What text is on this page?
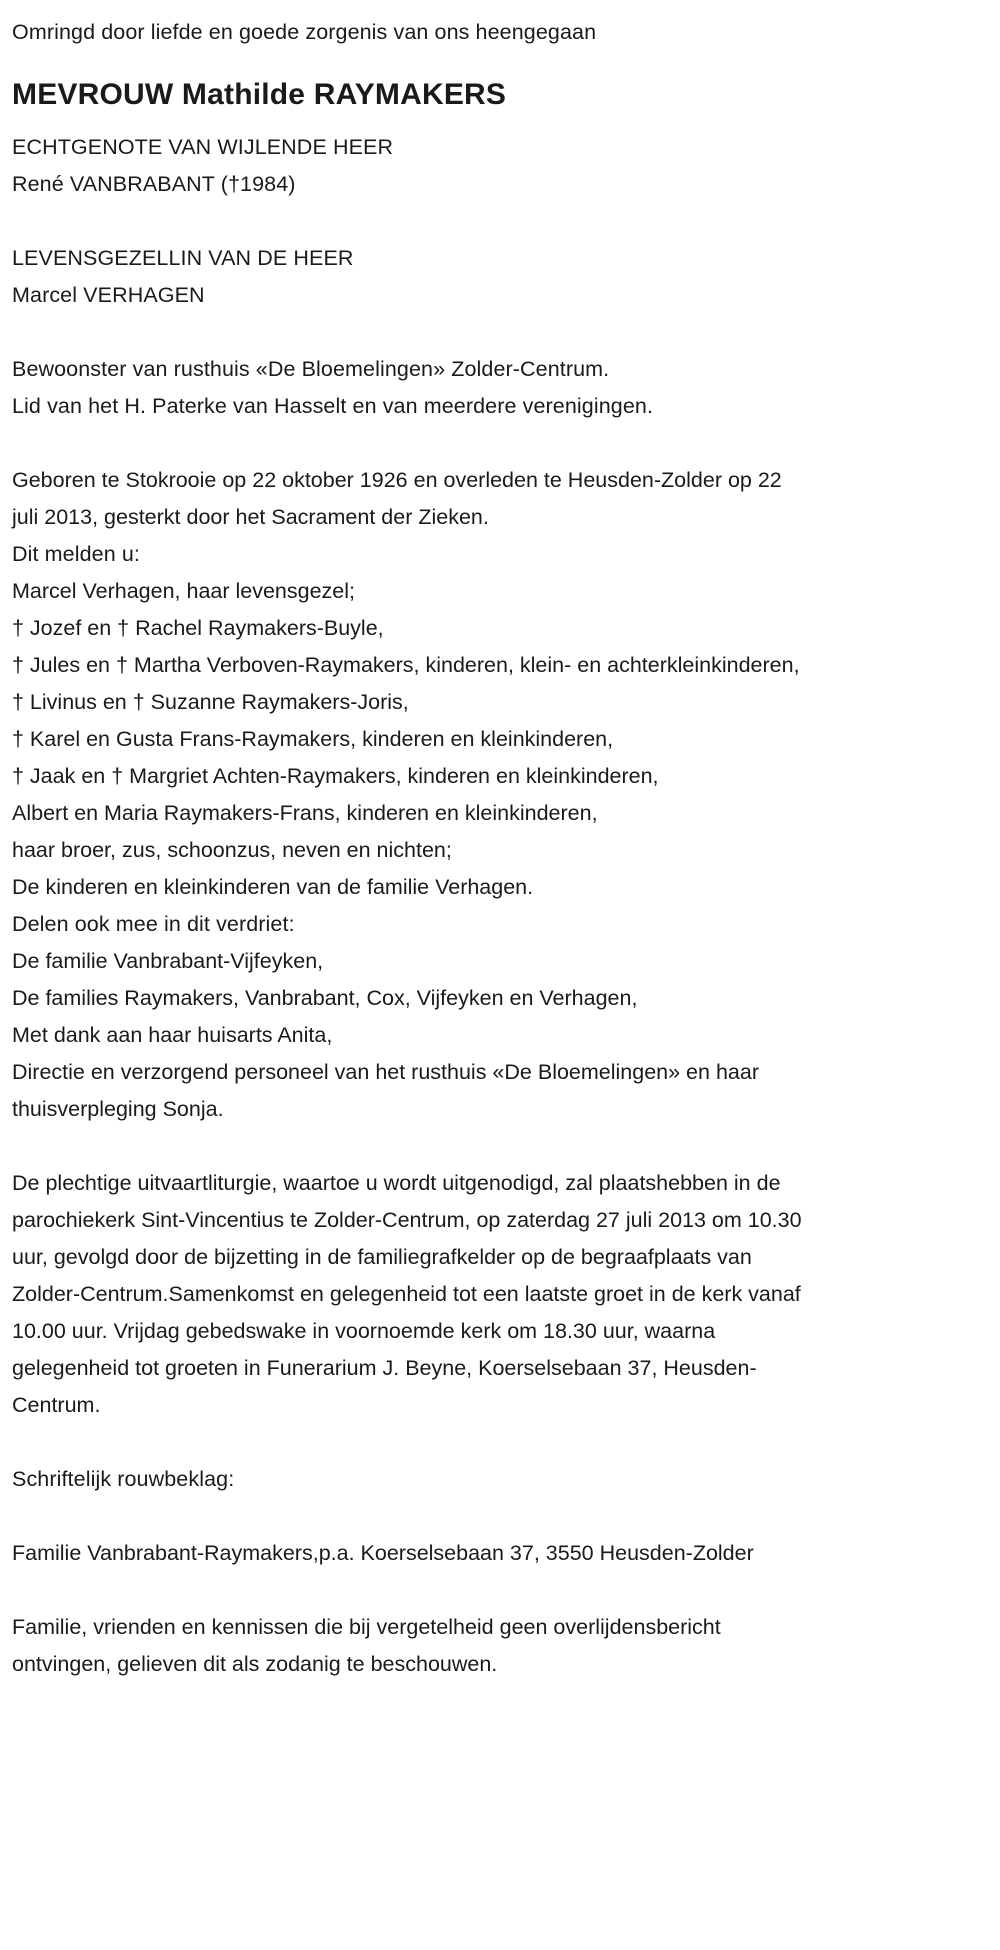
Omringd door liefde en goede zorgenis van ons heengegaan
MEVROUW Mathilde RAYMAKERS
ECHTGENOTE VAN WIJLENDE HEER
René VANBRABANT (†1984)
LEVENSGEZELLIN VAN DE HEER
Marcel VERHAGEN
Bewoonster van rusthuis «De Bloemelingen» Zolder-Centrum.
Lid van het H. Paterke van Hasselt en van meerdere verenigingen.
Geboren te Stokrooie op 22 oktober 1926 en overleden te Heusden-Zolder op 22 juli 2013, gesterkt door het Sacrament der Zieken.
Dit melden u:
Marcel Verhagen, haar levensgezel;
† Jozef en † Rachel Raymakers-Buyle,
† Jules en † Martha Verboven-Raymakers, kinderen, klein- en achterkleinkinderen,
† Livinus en † Suzanne Raymakers-Joris,
† Karel en Gusta Frans-Raymakers, kinderen en kleinkinderen,
† Jaak en † Margriet Achten-Raymakers, kinderen en kleinkinderen,
Albert en Maria Raymakers-Frans, kinderen en kleinkinderen,
haar broer, zus, schoonzus, neven en nichten;
De kinderen en kleinkinderen van de familie Verhagen.
Delen ook mee in dit verdriet:
De familie Vanbrabant-Vijfeyken,
De families Raymakers, Vanbrabant, Cox, Vijfeyken en Verhagen,
Met dank aan haar huisarts Anita,
Directie en verzorgend personeel van het rusthuis «De Bloemelingen» en haar thuisverpleging Sonja.
De plechtige uitvaartliturgie, waartoe u wordt uitgenodigd, zal plaatshebben in de parochiekerk Sint-Vincentius te Zolder-Centrum, op zaterdag 27 juli 2013 om 10.30 uur, gevolgd door de bijzetting in de familiegrafkelder op de begraafplaats van Zolder-Centrum.Samenkomst en gelegenheid tot een laatste groet in de kerk vanaf 10.00 uur. Vrijdag gebedswake in voornoemde kerk om 18.30 uur, waarna gelegenheid tot groeten in Funerarium J. Beyne, Koerselsebaan 37, Heusden-Centrum.
Schriftelijk rouwbeklag:
Familie Vanbrabant-Raymakers,p.a. Koerselsebaan 37, 3550 Heusden-Zolder
Familie, vrienden en kennissen die bij vergetelheid geen overlijdensbericht ontvingen, gelieven dit als zodanig te beschouwen.
